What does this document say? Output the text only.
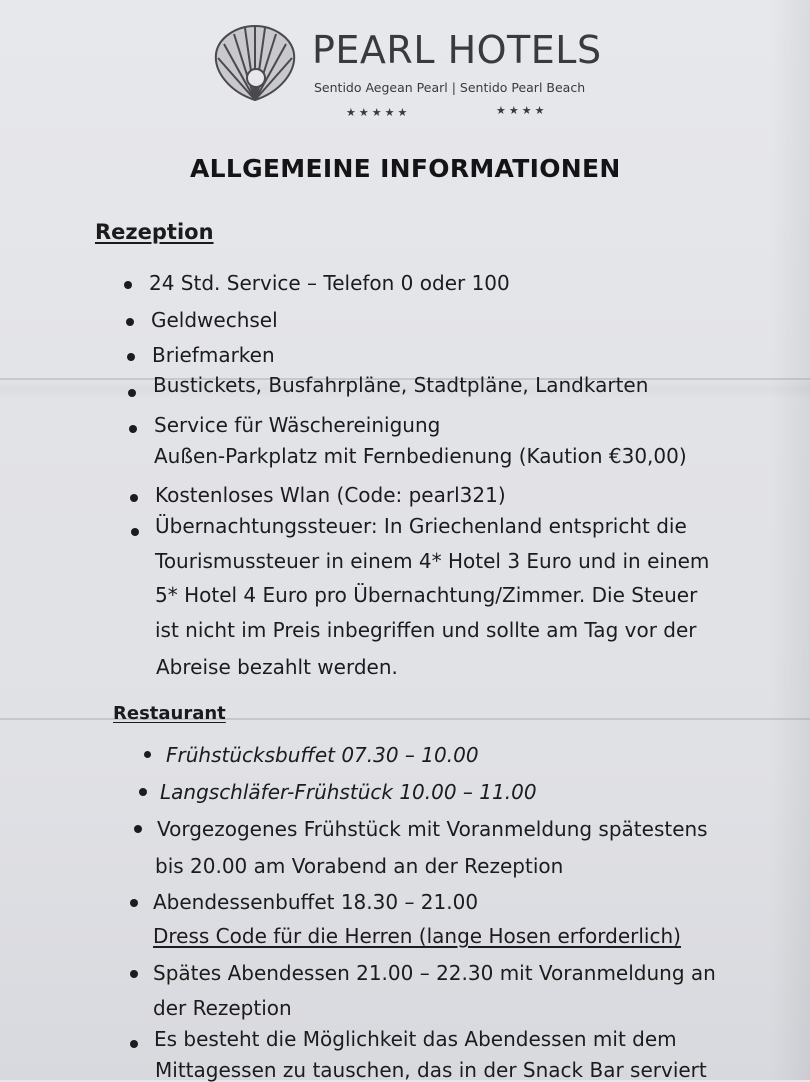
PEARL HOTELS
Sentido Aegean Pearl | Sentido Pearl Beach
★★★★★	★★★★
ALLGEMEINE INFORMATIONEN
Rezeption
24 Std. Service – Telefon 0 oder 100
Geldwechsel
Briefmarken
Bustickets, Busfahrpläne, Stadtpläne, Landkarten
Service für Wäschereinigung
Außen-Parkplatz mit Fernbedienung (Kaution €30,00)
Kostenloses Wlan (Code: pearl321)
Übernachtungssteuer: In Griechenland entspricht die
Tourismussteuer in einem 4* Hotel 3 Euro und in einem
5* Hotel 4 Euro pro Übernachtung/Zimmer. Die Steuer
ist nicht im Preis inbegriffen und sollte am Tag vor der
Abreise bezahlt werden.
Restaurant
Frühstücksbuffet 07.30 – 10.00
Langschläfer-Frühstück 10.00 – 11.00
Vorgezogenes Frühstück mit Voranmeldung spätestens
bis 20.00 am Vorabend an der Rezeption
Abendessenbuffet 18.30 – 21.00
Dress Code für die Herren (lange Hosen erforderlich)
Spätes Abendessen 21.00 – 22.30 mit Voranmeldung an
der Rezeption
Es besteht die Möglichkeit das Abendessen mit dem
Mittagessen zu tauschen, das in der Snack Bar serviert
